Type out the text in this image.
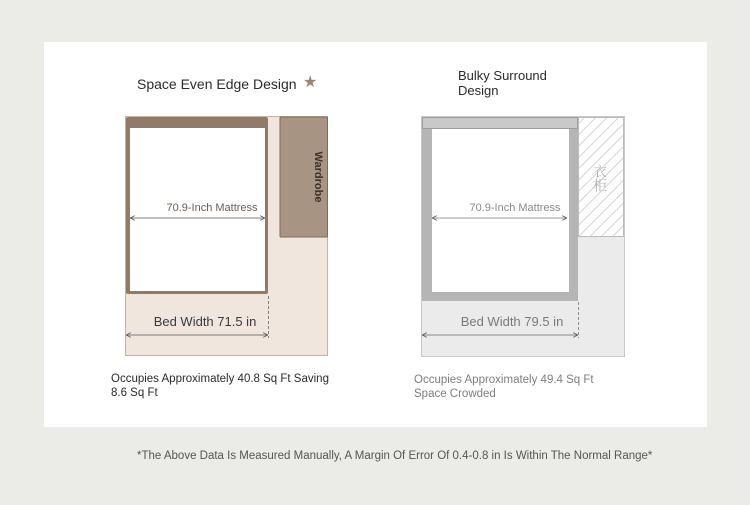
Space Even Edge Design ★	Bulky Surround
Design
Wardrobe
70.9-Inch Mattress
Bed Width 71.5 in
衣柜
70.9-Inch Mattress
Bed Width 79.5 in
Occupies Approximately 40.8 Sq Ft Saving
8.6 Sq Ft
Occupies Approximately 49.4 Sq Ft
Space Crowded
*The Above Data Is Measured Manually, A Margin Of Error Of 0.4-0.8 in Is Within The Normal Range*
